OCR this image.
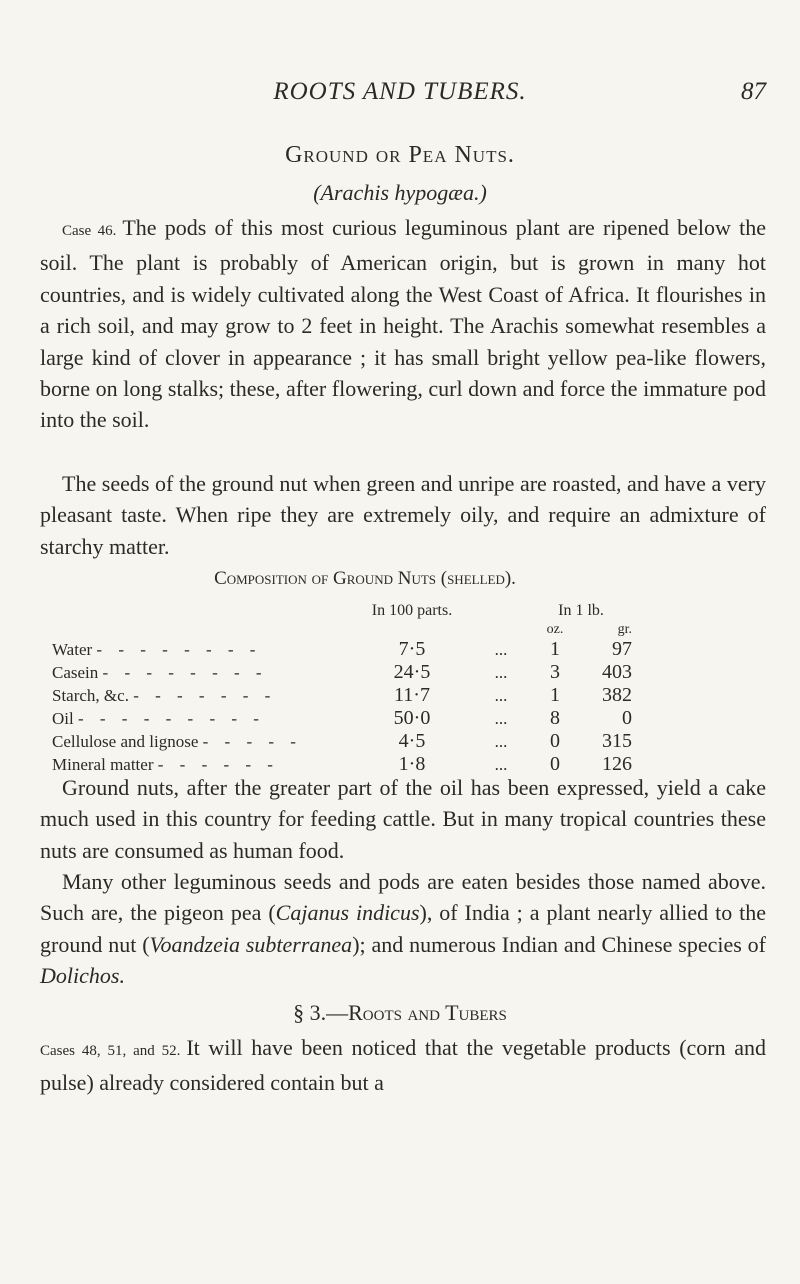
ROOTS AND TUBERS.	87
Ground or Pea Nuts.
(Arachis hypogæa.)
Case 46. The pods of this most curious leguminous plant are ripened below the soil. The plant is probably of American origin, but is grown in many hot countries, and is widely cultivated along the West Coast of Africa. It flourishes in a rich soil, and may grow to 2 feet in height. The Arachis somewhat resembles a large kind of clover in appearance ; it has small bright yellow pea-like flowers, borne on long stalks; these, after flowering, curl down and force the immature pod into the soil.
The seeds of the ground nut when green and unripe are roasted, and have a very pleasant taste. When ripe they are extremely oily, and require an admixture of starchy matter.
Composition of Ground Nuts (shelled).
	In 100 parts.		In 1 lb.	
			oz.	gr.
Water - - - - - - - -	7·5	...	1	97
Casein - - - - - - - -	24·5	...	3	403
Starch, &c. - - - - - - -	11·7	...	1	382
Oil - - - - - - - - -	50·0	...	8	0
Cellulose and lignose - - - - -	4·5	...	0	315
Mineral matter - - - - - -	1·8	...	0	126
Ground nuts, after the greater part of the oil has been expressed, yield a cake much used in this country for feeding cattle. But in many tropical countries these nuts are consumed as human food.
Many other leguminous seeds and pods are eaten besides those named above. Such are, the pigeon pea (Cajanus indicus), of India ; a plant nearly allied to the ground nut (Voandzeia subterranea); and numerous Indian and Chinese species of Dolichos.
§ 3.—Roots and Tubers
Cases 48, 51, and 52. It will have been noticed that the vegetable products (corn and pulse) already considered contain but a
